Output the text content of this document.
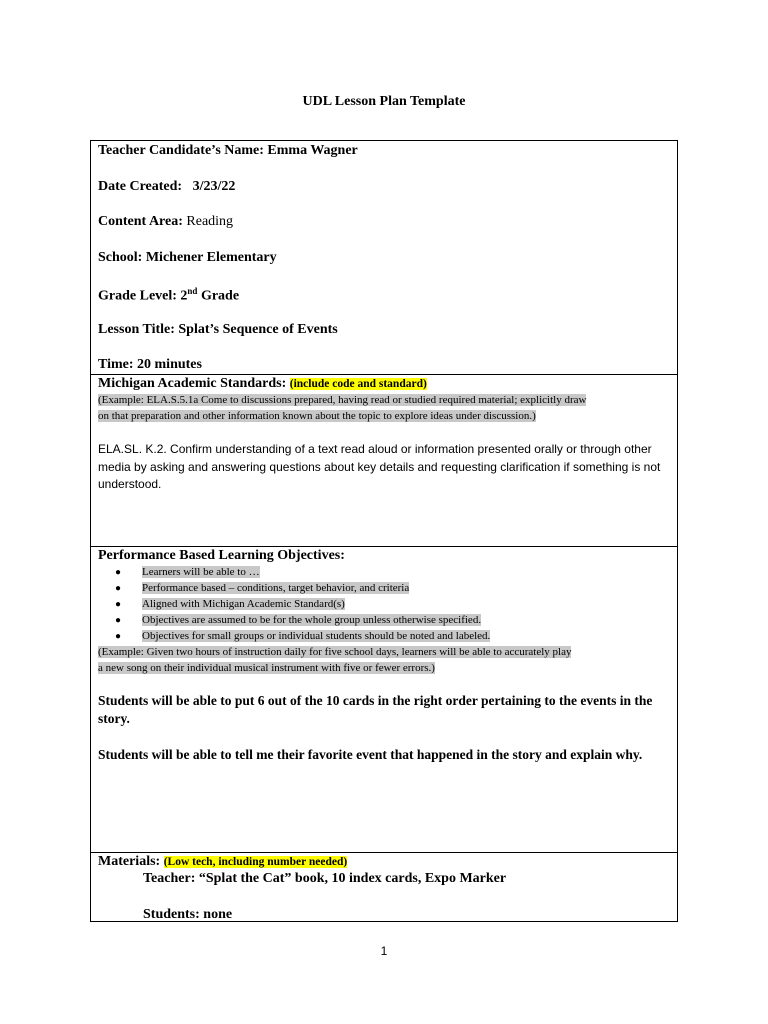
UDL Lesson Plan Template
Teacher Candidate’s Name: Emma Wagner
Date Created: 3/23/22
Content Area: Reading
School: Michener Elementary
Grade Level: 2nd Grade
Lesson Title: Splat’s Sequence of Events
Time: 20 minutes
Michigan Academic Standards: (include code and standard)
(Example: ELA.S.5.1a Come to discussions prepared, having read or studied required material; explicitly draw
on that preparation and other information known about the topic to explore ideas under discussion.)
ELA.SL. K.2. Confirm understanding of a text read aloud or information presented orally or through other media by asking and answering questions about key details and requesting clarification if something is not understood.
Performance Based Learning Objectives:
● Learners will be able to …
● Performance based – conditions, target behavior, and criteria
● Aligned with Michigan Academic Standard(s)
● Objectives are assumed to be for the whole group unless otherwise specified.
● Objectives for small groups or individual students should be noted and labeled.
(Example: Given two hours of instruction daily for five school days, learners will be able to accurately play
a new song on their individual musical instrument with five or fewer errors.)
Students will be able to put 6 out of the 10 cards in the right order pertaining to the events in the story.
Students will be able to tell me their favorite event that happened in the story and explain why.
Materials: (Low tech, including number needed)
Teacher: “Splat the Cat” book, 10 index cards, Expo Marker
Students: none
1
